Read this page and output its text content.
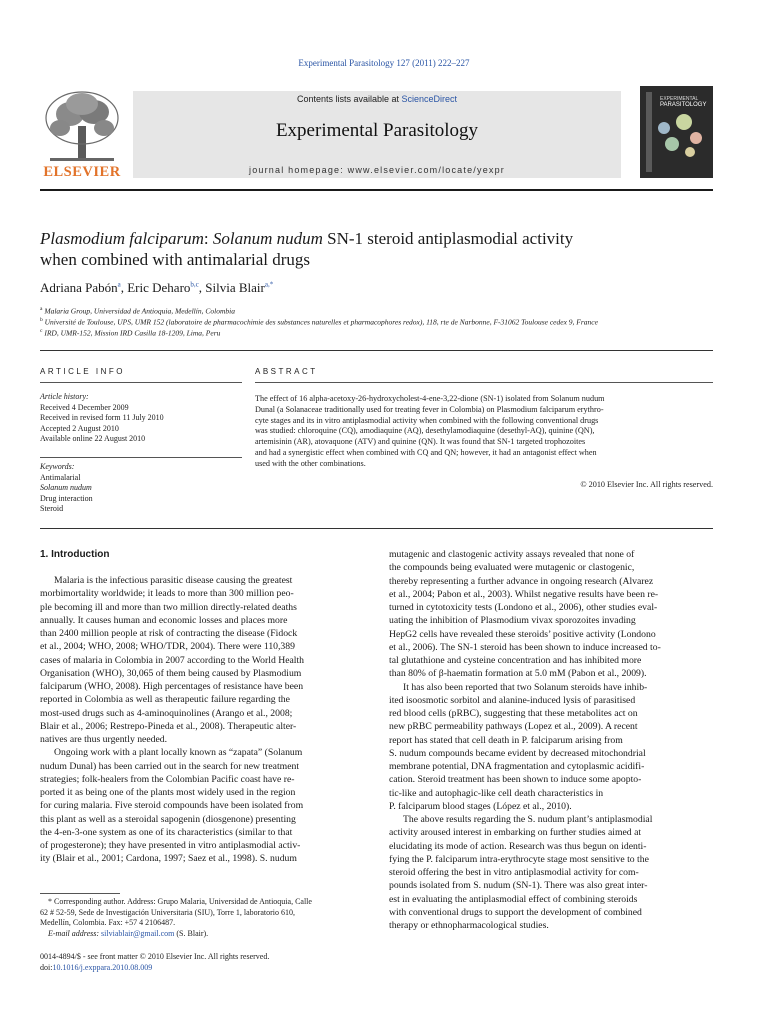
Experimental Parasitology 127 (2011) 222–227
ELSEVIER
Contents lists available at ScienceDirect
Experimental Parasitology
journal homepage: www.elsevier.com/locate/yexpr
EXPERIMENTAL
PARASITOLOGY
Plasmodium falciparum: Solanum nudum SN-1 steroid antiplasmodial activity
when combined with antimalarial drugs
Adriana Pabón$^a$, Eric Deharo$^{b,c}$, Silvia Blair$^{a,*}$
$^a$ Malaria Group, Universidad de Antioquia, Medellín, Colombia
$^b$ Université de Toulouse, UPS, UMR 152 (laboratoire de pharmacochimie des substances naturelles et pharmacophores redox), 118, rte de Narbonne, F-31062 Toulouse cedex 9, France
$^c$ IRD, UMR-152, Mission IRD Casilla 18-1209, Lima, Peru
ARTICLE INFO
Article history:
Received 4 December 2009
Received in revised form 11 July 2010
Accepted 2 August 2010
Available online 22 August 2010
Keywords:
Antimalarial
Solanum nudum
Drug interaction
Steroid
ABSTRACT
The effect of 16 alpha-acetoxy-26-hydroxycholest-4-ene-3,22-dione (SN-1) isolated from Solanum nudum
Dunal (a Solanaceae traditionally used for treating fever in Colombia) on Plasmodium falciparum erythro-
cyte stages and its in vitro antiplasmodial activity when combined with the following conventional drugs
was studied: chloroquine (CQ), amodiaquine (AQ), desethylamodiaquine (desethyl-AQ), quinine (QN),
artemisinin (AR), atovaquone (ATV) and quinine (QN). It was found that SN-1 targeted trophozoites
and had a synergistic effect when combined with CQ and QN; however, it had an antagonist effect when
used with the other combinations.
© 2010 Elsevier Inc. All rights reserved.
1. Introduction
Malaria is the infectious parasitic disease causing the greatest
morbimortality worldwide; it leads to more than 300 million peo-
ple becoming ill and more than two million directly-related deaths
annually. It causes human and economic losses and places more
than 2400 million people at risk of contracting the disease (Fidock
et al., 2004; WHO, 2008; WHO/TDR, 2004). There were 110,389
cases of malaria in Colombia in 2007 according to the World Health
Organisation (WHO), 30,065 of them being caused by Plasmodium
falciparum (WHO, 2008). High percentages of resistance have been
reported in Colombia as well as therapeutic failure regarding the
most-used drugs such as 4-aminoquinolines (Arango et al., 2008;
Blair et al., 2006; Restrepo-Pineda et al., 2008). Therapeutic alter-
natives are thus urgently needed.
Ongoing work with a plant locally known as “zapata” (Solanum
nudum Dunal) has been carried out in the search for new treatment
strategies; folk-healers from the Colombian Pacific coast have re-
ported it as being one of the plants most widely used in the region
for curing malaria. Five steroid compounds have been isolated from
this plant as well as a steroidal sapogenin (diosgenone) presenting
the 4-en-3-one system as one of its characteristics (similar to that
of progesterone); they have presented in vitro antiplasmodial activ-
ity (Blair et al., 2001; Cardona, 1997; Saez et al., 1998). S. nudum
* Corresponding author. Address: Grupo Malaria, Universidad de Antioquia, Calle
62 # 52-59, Sede de Investigación Universitaria (SIU), Torre 1, laboratorio 610,
Medellín, Colombia. Fax: +57 4 2106487.
E-mail address: silviablair@gmail.com (S. Blair).
0014-4894/$ - see front matter © 2010 Elsevier Inc. All rights reserved.
doi:10.1016/j.exppara.2010.08.009
mutagenic and clastogenic activity assays revealed that none of
the compounds being evaluated were mutagenic or clastogenic,
thereby representing a further advance in ongoing research (Alvarez
et al., 2004; Pabon et al., 2003). Whilst negative results have been re-
turned in cytotoxicity tests (Londono et al., 2006), other studies eval-
uating the inhibition of Plasmodium vivax sporozoites invading
HepG2 cells have revealed these steroids’ positive activity (Londono
et al., 2006). The SN-1 steroid has been shown to induce increased to-
tal glutathione and cysteine concentration and has inhibited more
than 80% of β-haematin formation at 5.0 mM (Pabon et al., 2009).
It has also been reported that two Solanum steroids have inhib-
ited isoosmotic sorbitol and alanine-induced lysis of parasitised
red blood cells (pRBC), suggesting that these metabolites act on
new pRBC permeability pathways (Lopez et al., 2009). A recent
report has stated that cell death in P. falciparum arising from
S. nudum compounds became evident by decreased mitochondrial
membrane potential, DNA fragmentation and cytoplasmic acidifi-
cation. Steroid treatment has been shown to induce some apopto-
tic-like and autophagic-like cell death characteristics in
P. falciparum blood stages (López et al., 2010).
The above results regarding the S. nudum plant’s antiplasmodial
activity aroused interest in embarking on further studies aimed at
elucidating its mode of action. Research was thus begun on identi-
fying the P. falciparum intra-erythrocyte stage most sensitive to the
steroid offering the best in vitro antiplasmodial activity for com-
pounds isolated from S. nudum (SN-1). There was also great inter-
est in evaluating the antiplasmodial effect of combining steroids
with conventional drugs to support the development of combined
therapy or ethnopharmacological studies.
